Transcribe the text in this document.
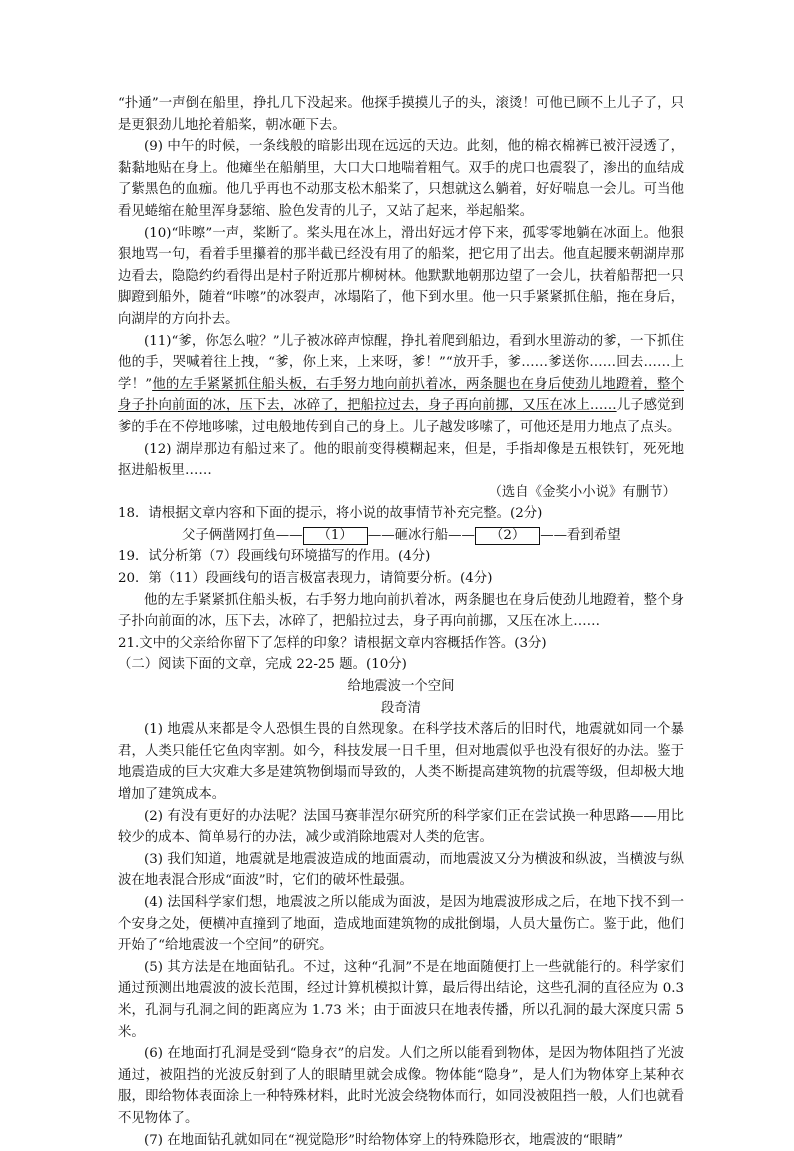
“扑通”一声倒在船里，挣扎几下没起来。他探手摸摸儿子的头，滚烫！可他已顾不上儿子了，只是更狠劲儿地抡着船桨，朝冰砸下去。

(9) 中午的时候，一条线般的暗影出现在远远的天边。此刻，他的棉衣棉裤已被汗浸透了，黏黏地贴在身上。他瘫坐在船艄里，大口大口地喘着粗气。双手的虎口也震裂了，渗出的血结成了紫黑色的血痂。他几乎再也不动那支松木船桨了，只想就这么躺着，好好喘息一会儿。可当他看见蜷缩在舱里浑身瑟缩、脸色发青的儿子，又站了起来，举起船桨。

(10)“咔嚓”一声，桨断了。桨头甩在冰上，滑出好远才停下来，孤零零地躺在冰面上。他狠狠地骂一句，看着手里攥着的那半截已经没有用了的船桨，把它用了出去。他直起腰来朝湖岸那边看去，隐隐约约看得出是村子附近那片柳树林。他默默地朝那边望了一会儿，扶着船帮把一只脚蹬到船外，随着“咔嚓”的冰裂声，冰塌陷了，他下到水里。他一只手紧紧抓住船，拖在身后，向湖岸的方向扑去。

(11)“爹，你怎么啦？”儿子被冰碎声惊醒，挣扎着爬到船边，看到水里游动的爹，一下抓住他的手，哭喊着往上拽，“爹，你上来，上来呀，爹！”“放开手，爹……爹送你……回去……上学！”他的左手紧紧抓住船头板，右手努力地向前扒着冰，两条腿也在身后使劲儿地蹬着，整个身子扑向前面的冰，压下去，冰碎了，把船拉过去，身子再向前挪，又压在冰上……儿子感觉到爹的手在不停地哆嗦，过电般地传到自己的身上。儿子越发哆嗦了，可他还是用力地点了点头。

(12) 湖岸那边有船过来了。他的眼前变得模糊起来，但是，手指却像是五根铁钉，死死地抠进船板里……

（选自《金奖小小说》有删节）

18．请根据文章内容和下面的提示，将小说的故事情节补充完整。(2分)

父子俩凿网打鱼—— （1） ——砸冰行船—— （2） ——看到希望

19．试分析第（7）段画线句环境描写的作用。(4分)

20．第（11）段画线句的语言极富表现力，请简要分析。(4分)

他的左手紧紧抓住船头板，右手努力地向前扒着冰，两条腿也在身后使劲儿地蹬着，整个身子扑向前面的冰，压下去，冰碎了，把船拉过去，身子再向前挪，又压在冰上……

21.文中的父亲给你留下了怎样的印象？请根据文章内容概括作答。(3分)

（二）阅读下面的文章，完成 22-25 题。(10分)

给地震波一个空间

段奇清

(1) 地震从来都是令人恐惧生畏的自然现象。在科学技术落后的旧时代，地震就如同一个暴君，人类只能任它鱼肉宰割。如今，科技发展一日千里，但对地震似乎也没有很好的办法。鉴于地震造成的巨大灾难大多是建筑物倒塌而导致的，人类不断提高建筑物的抗震等级，但却极大地增加了建筑成本。

(2) 有没有更好的办法呢？法国马赛菲涅尔研究所的科学家们正在尝试换一种思路——用比较少的成本、简单易行的办法，减少或消除地震对人类的危害。

(3) 我们知道，地震就是地震波造成的地面震动，而地震波又分为横波和纵波，当横波与纵波在地表混合形成“面波”时，它们的破坏性最强。

(4) 法国科学家们想，地震波之所以能成为面波，是因为地震波形成之后，在地下找不到一个安身之处，便横冲直撞到了地面，造成地面建筑物的成批倒塌，人员大量伤亡。鉴于此，他们开始了“给地震波一个空间”的研究。

(5) 其方法是在地面钻孔。不过，这种“孔洞”不是在地面随便打上一些就能行的。科学家们通过预测出地震波的波长范围，经过计算机模拟计算，最后得出结论，这些孔洞的直径应为 0.3 米，孔洞与孔洞之间的距离应为 1.73 米；由于面波只在地表传播，所以孔洞的最大深度只需 5 米。

(6) 在地面打孔洞是受到“隐身衣”的启发。人们之所以能看到物体，是因为物体阻挡了光波通过，被阻挡的光波反射到了人的眼睛里就会成像。物体能“隐身”，是人们为物体穿上某种衣服，即给物体表面涂上一种特殊材料，此时光波会绕物体而行，如同没被阻挡一般，人们也就看不见物体了。

(7) 在地面钻孔就如同在“视觉隐形”时给物体穿上的特殊隐形衣，地震波的“眼睛”
